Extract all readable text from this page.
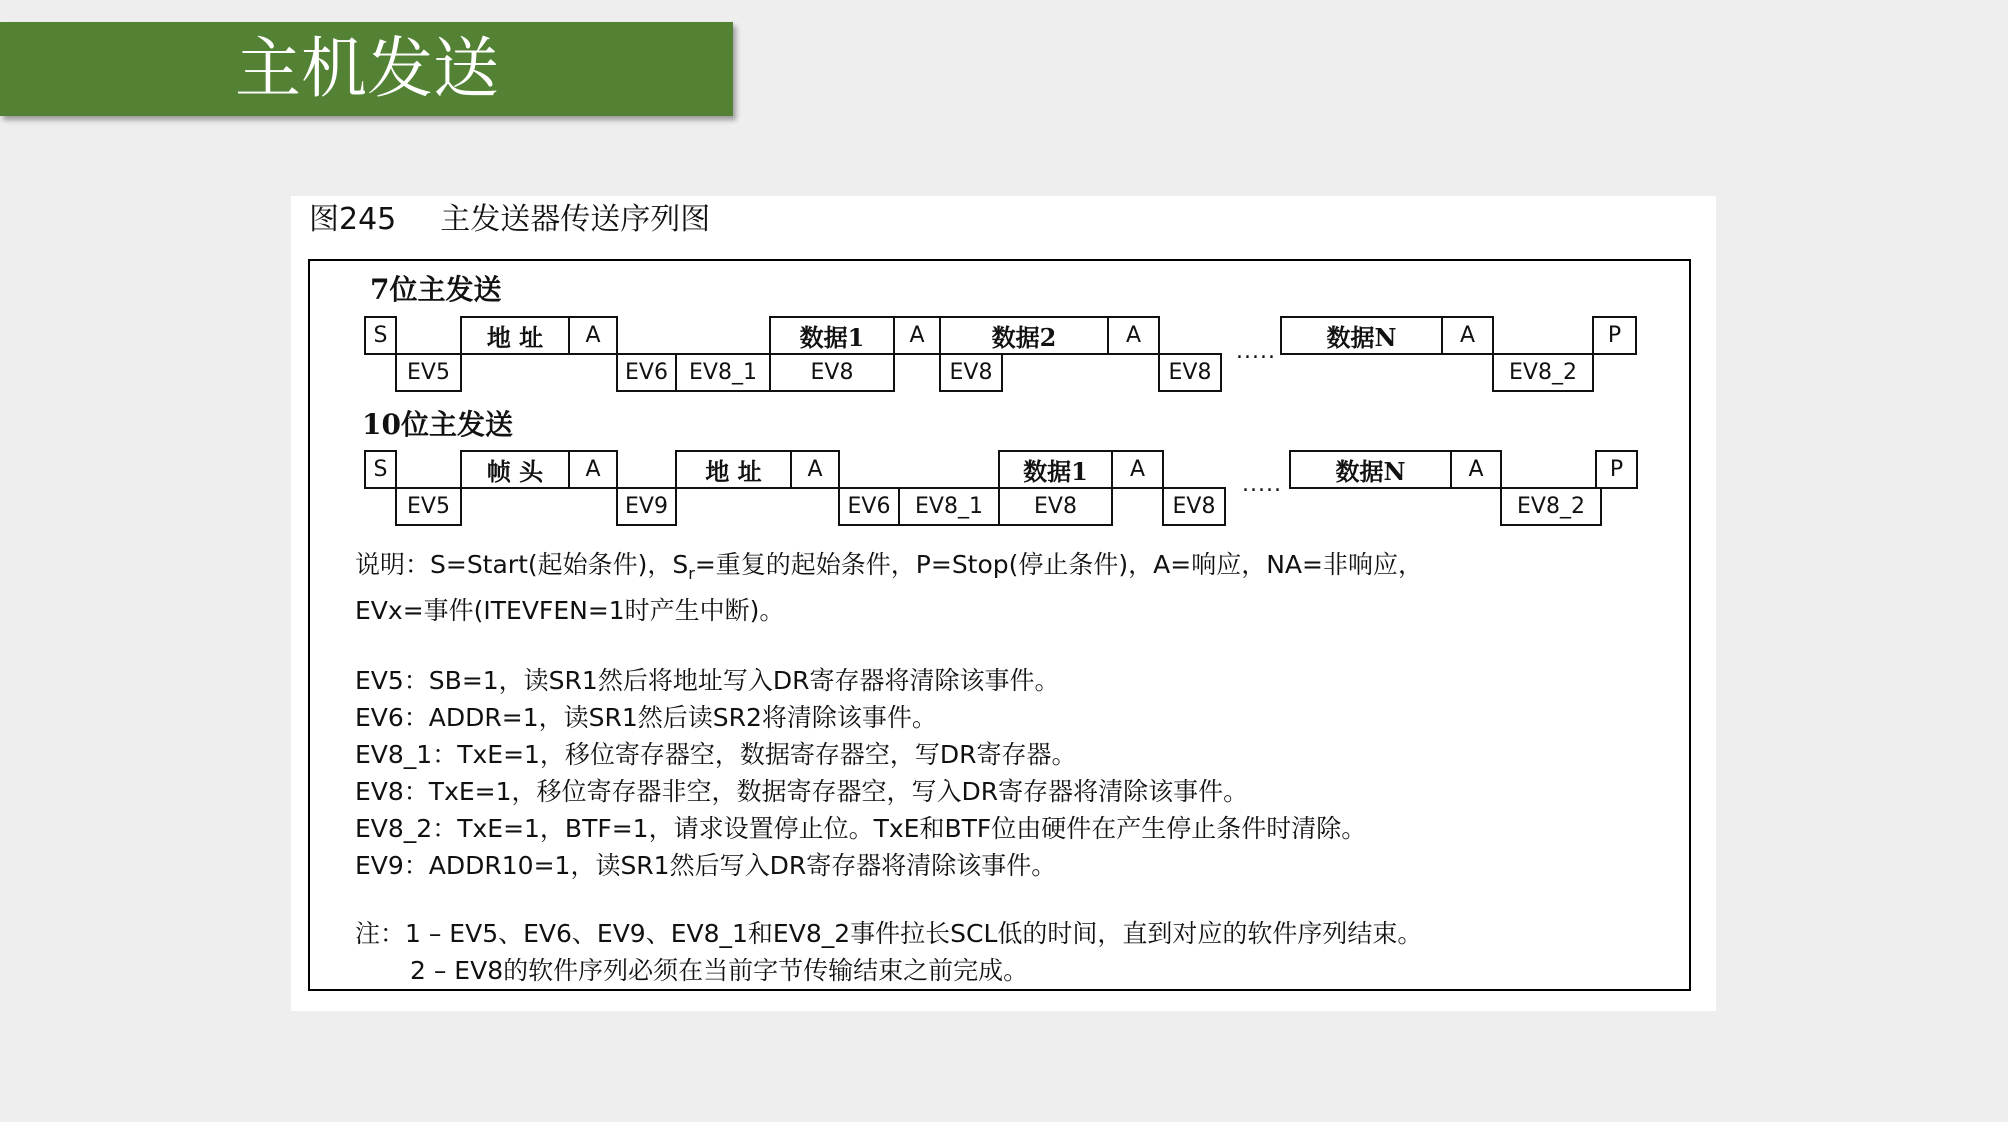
主机发送
图245 主发送器传送序列图
7位主发送
S	地 址	A	数据1	A	数据2	A	数据N	A	P
EV5	EV6 EV8_1	EV8	EV8	EV8	EV8_2
.....
10位主发送
S	帧 头	A	地 址	A	数据1	A	数据N	A	P
EV5	EV9	EV6	EV8_1	EV8	EV8	EV8_2
.....

说明：S=Start(起始条件)，$S_r=$重复的起始条件，P=Stop(停止条件)，A=响应，NA=非响应，

EVx=事件(ITEVFEN=1时产生中断)。

EV5：SB=1，读SR1然后将地址写入DR寄存器将清除该事件。

EV6：ADDR=1，读SR1然后读SR2将清除该事件。

EV8_1：TxE=1，移位寄存器空，数据寄存器空，写DR寄存器。

EV8：TxE=1，移位寄存器非空，数据寄存器空，写入DR寄存器将清除该事件。

EV8_2：TxE=1，BTF=1，请求设置停止位。TxE和BTF位由硬件在产生停止条件时清除。

EV9：ADDR10=1，读SR1然后写入DR寄存器将清除该事件。

注：1 – EV5、EV6、EV9、EV8_1和EV8_2事件拉长SCL低的时间，直到对应的软件序列结束。

2 – EV8的软件序列必须在当前字节传输结束之前完成。
